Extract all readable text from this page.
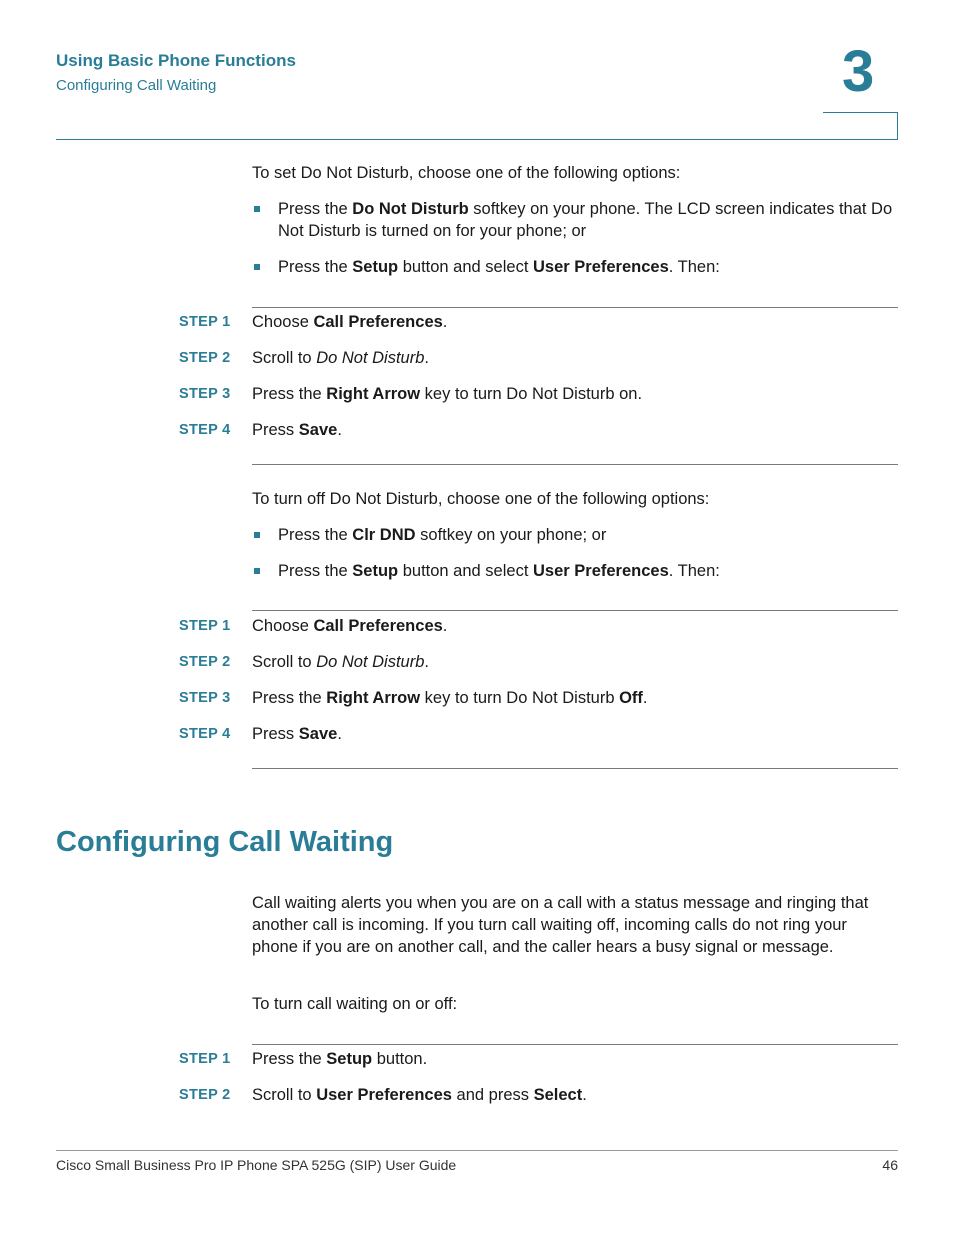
Using Basic Phone Functions
Configuring Call Waiting	3
To set Do Not Disturb, choose one of the following options:
Press the Do Not Disturb softkey on your phone. The LCD screen indicates that Do Not Disturb is turned on for your phone; or
Press the Setup button and select User Preferences. Then:
STEP 1 Choose Call Preferences.
STEP 2 Scroll to Do Not Disturb.
STEP 3 Press the Right Arrow key to turn Do Not Disturb on.
STEP 4 Press Save.
To turn off Do Not Disturb, choose one of the following options:
Press the Clr DND softkey on your phone; or
Press the Setup button and select User Preferences. Then:
STEP 1 Choose Call Preferences.
STEP 2 Scroll to Do Not Disturb.
STEP 3 Press the Right Arrow key to turn Do Not Disturb Off.
STEP 4 Press Save.
Configuring Call Waiting
Call waiting alerts you when you are on a call with a status message and ringing that another call is incoming. If you turn call waiting off, incoming calls do not ring your phone if you are on another call, and the caller hears a busy signal or message.
To turn call waiting on or off:
STEP 1 Press the Setup button.
STEP 2 Scroll to User Preferences and press Select.
Cisco Small Business Pro IP Phone SPA 525G (SIP) User Guide	46
